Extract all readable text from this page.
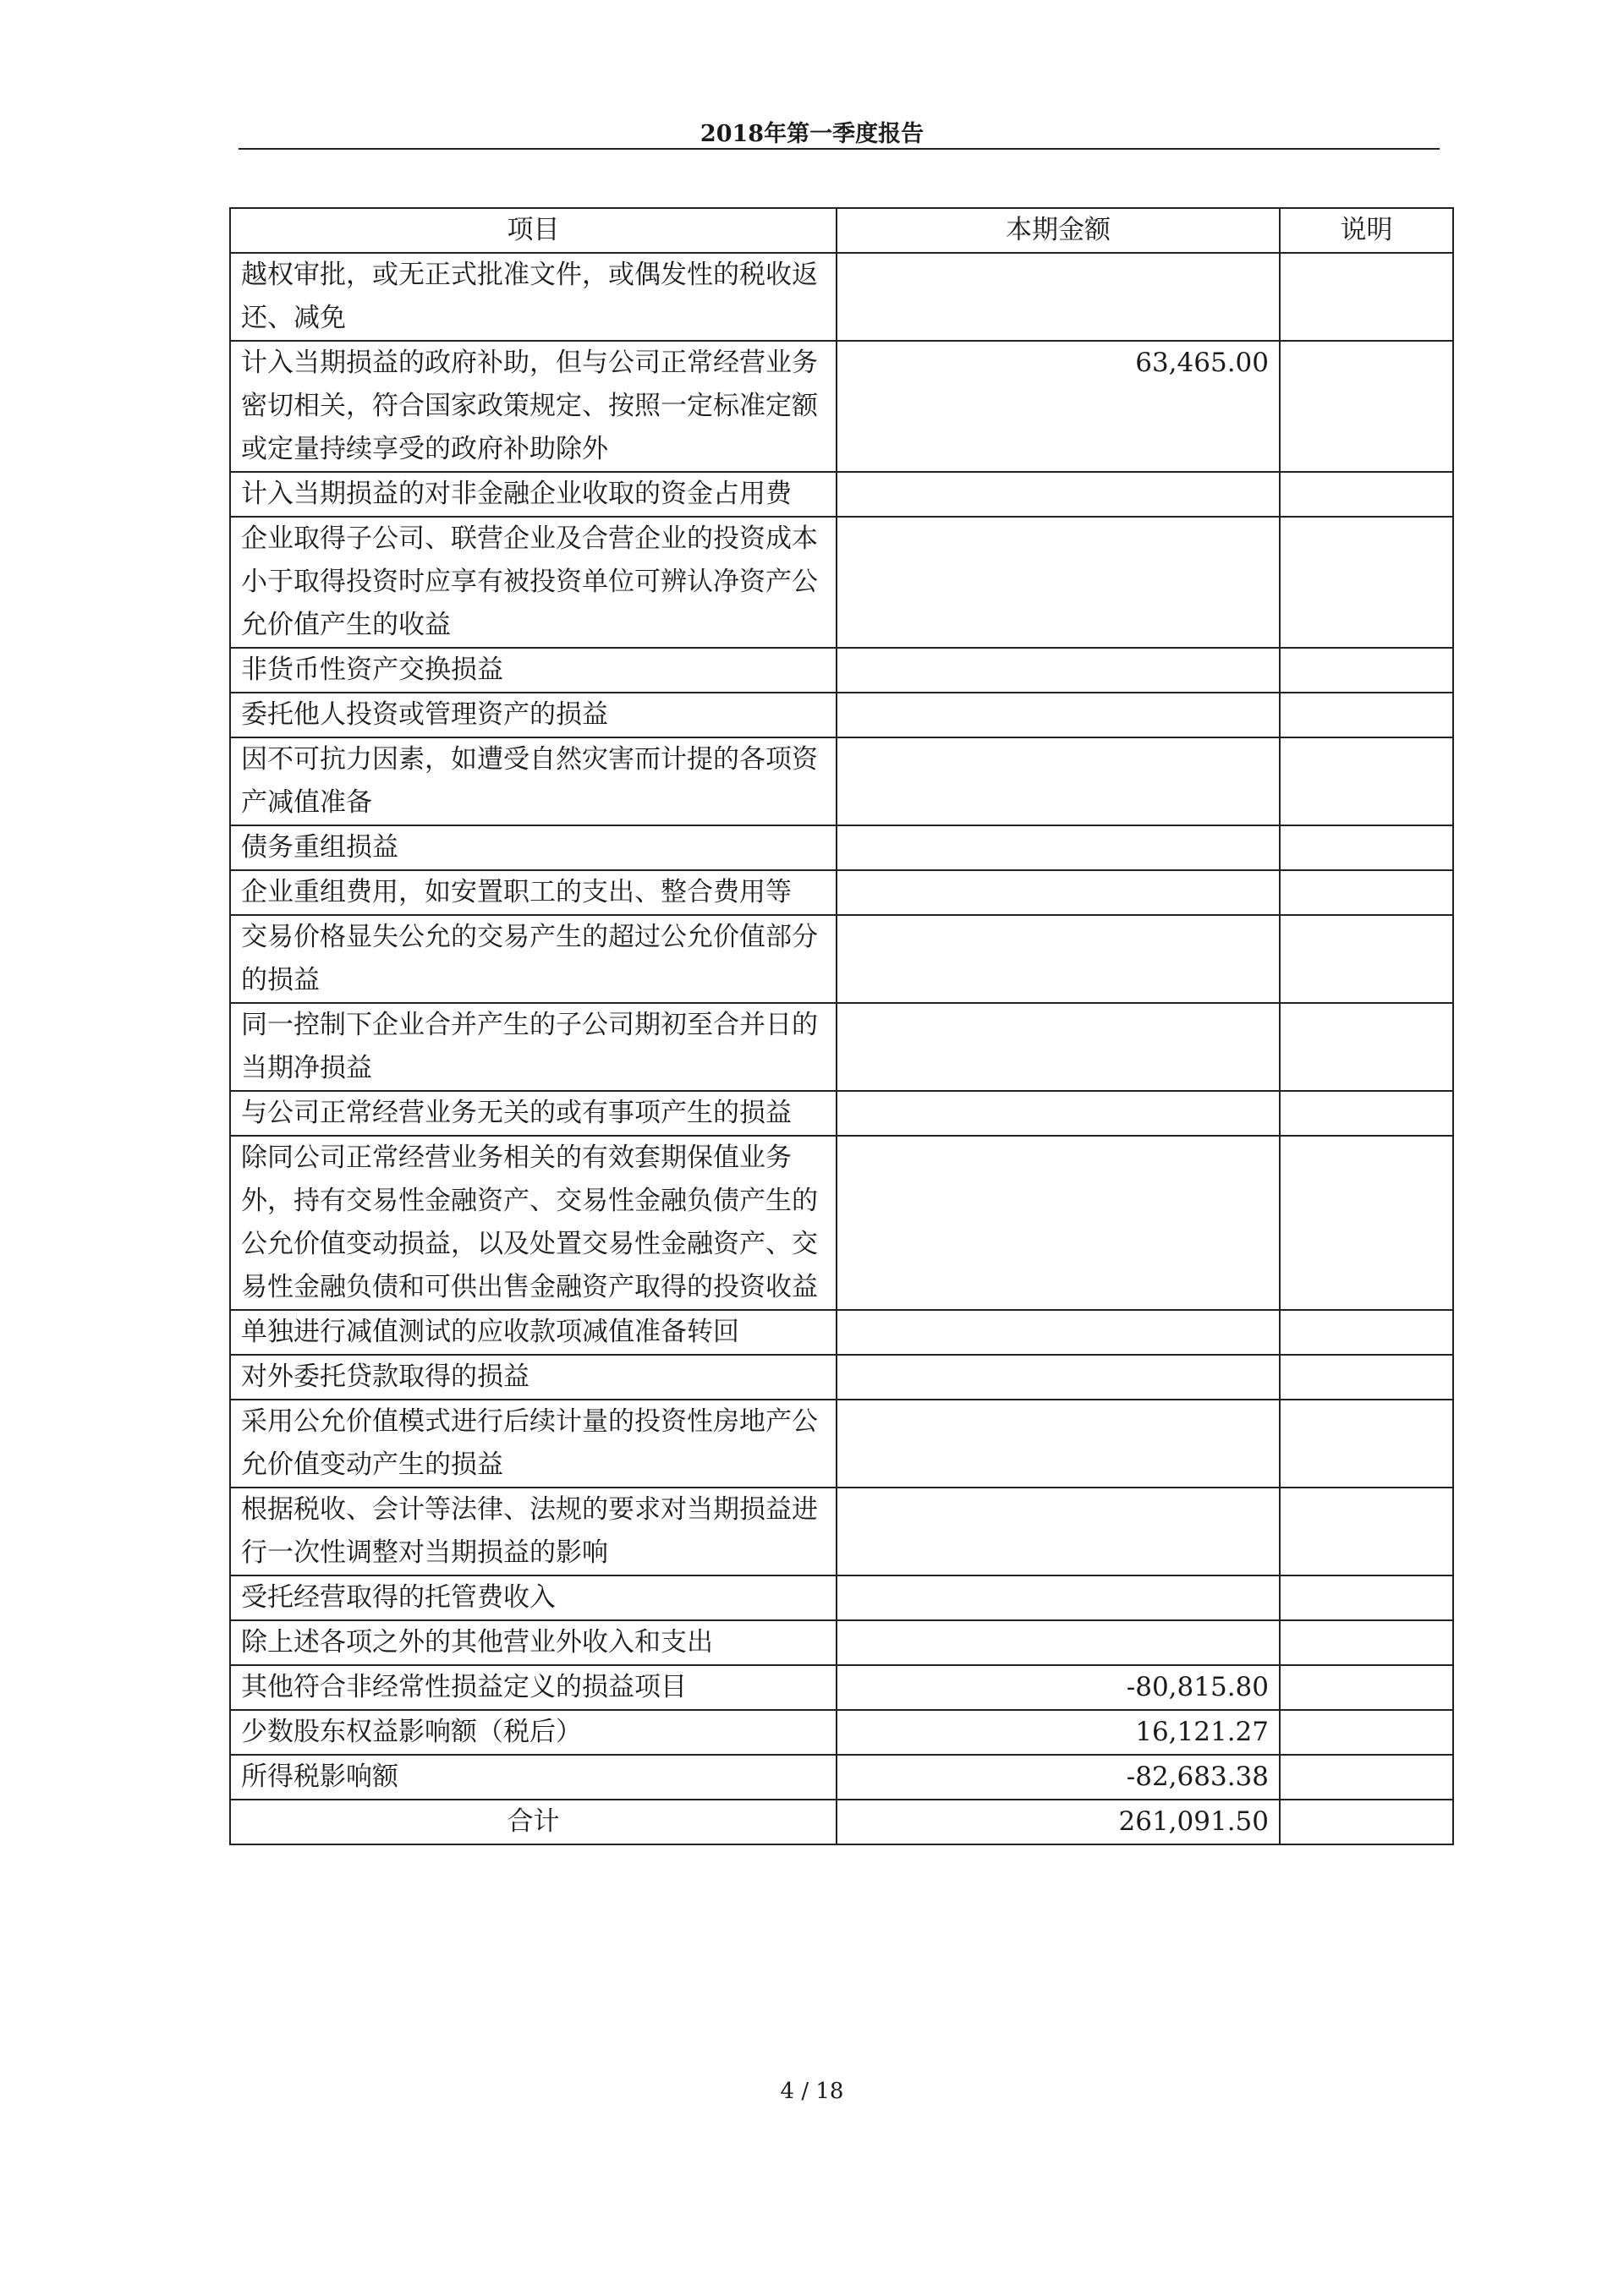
2018年第一季度报告
项目	本期金额	说明
越权审批，或无正式批准文件，或偶发性的税收返还、减免		
计入当期损益的政府补助，但与公司正常经营业务密切相关，符合国家政策规定、按照一定标准定额或定量持续享受的政府补助除外	63,465.00	
计入当期损益的对非金融企业收取的资金占用费		
企业取得子公司、联营企业及合营企业的投资成本小于取得投资时应享有被投资单位可辨认净资产公允价值产生的收益		
非货币性资产交换损益		
委托他人投资或管理资产的损益		
因不可抗力因素，如遭受自然灾害而计提的各项资产减值准备		
债务重组损益		
企业重组费用，如安置职工的支出、整合费用等		
交易价格显失公允的交易产生的超过公允价值部分的损益		
同一控制下企业合并产生的子公司期初至合并日的当期净损益		
与公司正常经营业务无关的或有事项产生的损益		
除同公司正常经营业务相关的有效套期保值业务外，持有交易性金融资产、交易性金融负债产生的公允价值变动损益，以及处置交易性金融资产、交易性金融负债和可供出售金融资产取得的投资收益		
单独进行减值测试的应收款项减值准备转回		
对外委托贷款取得的损益		
采用公允价值模式进行后续计量的投资性房地产公允价值变动产生的损益		
根据税收、会计等法律、法规的要求对当期损益进行一次性调整对当期损益的影响		
受托经营取得的托管费收入		
除上述各项之外的其他营业外收入和支出		
其他符合非经常性损益定义的损益项目	-80,815.80	
少数股东权益影响额（税后）	16,121.27	
所得税影响额	-82,683.38	
合计	261,091.50	
4 / 18
